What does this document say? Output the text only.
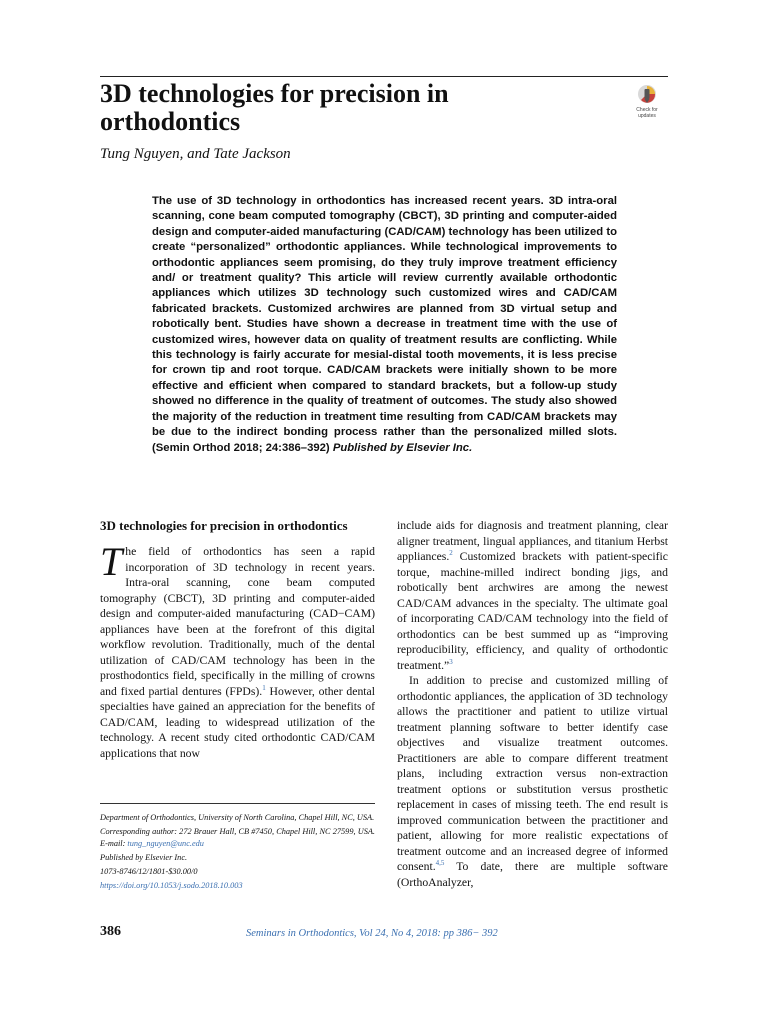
3D technologies for precision in orthodontics	Check for
updates
Tung Nguyen, and Tate Jackson

The use of 3D technology in orthodontics has increased recent years. 3D intra-oral scanning, cone beam computed tomography (CBCT), 3D printing and computer-aided design and computer-aided manufacturing (CAD/CAM) technology has been utilized to create “personalized” orthodontic appliances. While technological improvements to orthodontic appliances seem promising, do they truly improve treatment efficiency and/ or treatment quality? This article will review currently available orthodontic appliances which utilizes 3D technology such customized wires and CAD/CAM fabricated brackets. Customized archwires are planned from 3D virtual setup and robotically bent. Studies have shown a decrease in treatment time with the use of customized wires, however data on quality of treatment results are conflicting. While this technology is fairly accurate for mesial-distal tooth movements, it is less precise for crown tip and root torque. CAD/CAM brackets were initially shown to be more effective and efficient when compared to standard brackets, but a follow-up study showed no difference in the quality of treatment of outcomes. The study also showed the majority of the reduction in treatment time resulting from CAD/CAM brackets may be due to the indirect bonding process rather than the personalized milled slots. (Semin Orthod 2018; 24:386–392) Published by Elsevier Inc.

3D technologies for precision in orthodontics

The field of orthodontics has seen a rapid incorporation of 3D technology in recent years. Intra-oral scanning, cone beam computed tomography (CBCT), 3D printing and computer-aided design and computer-aided manufacturing (CAD−CAM) appliances have been at the forefront of this digital workflow revolution. Traditionally, much of the dental utilization of CAD/CAM technology has been in the prosthodontics field, specifically in the milling of crowns and fixed partial dentures (FPDs).$^1$ However, other dental specialties have gained an appreciation for the benefits of CAD/CAM, leading to widespread utilization of the technology. A recent study cited orthodontic CAD/CAM applications that now

include aids for diagnosis and treatment planning, clear aligner treatment, lingual appliances, and titanium Herbst appliances.$^2$ Customized brackets with patient-specific torque, machine-milled indirect bonding jigs, and robotically bent archwires are among the newest CAD/CAM advances in the specialty. The ultimate goal of incorporating CAD/CAM technology into the field of orthodontics can be best summed up as “improving reproducibility, efficiency, and quality of orthodontic treatment.”$^3$

In addition to precise and customized milling of orthodontic appliances, the application of 3D technology allows the practitioner and patient to utilize virtual treatment planning software to better identify case objectives and visualize treatment outcomes. Practitioners are able to compare different treatment plans, including extraction versus non-extraction treatment options or substitution versus prosthetic replacement in cases of missing teeth. The end result is improved communication between the practitioner and patient, allowing for more realistic expectations of treatment outcome and an increased degree of informed consent.$^{4,5}$ To date, there are multiple software (OrthoAnalyzer,

Department of Orthodontics, University of North Carolina, Chapel Hill, NC, USA.

Corresponding author: 272 Brauer Hall, CB #7450, Chapel Hill, NC 27599, USA. E-mail: tung_nguyen@unc.edu

Published by Elsevier Inc.

1073-8746/12/1801-$30.00/0

https://doi.org/10.1053/j.sodo.2018.10.003

386	Seminars in Orthodontics, Vol 24, No 4, 2018: pp 386− 392
